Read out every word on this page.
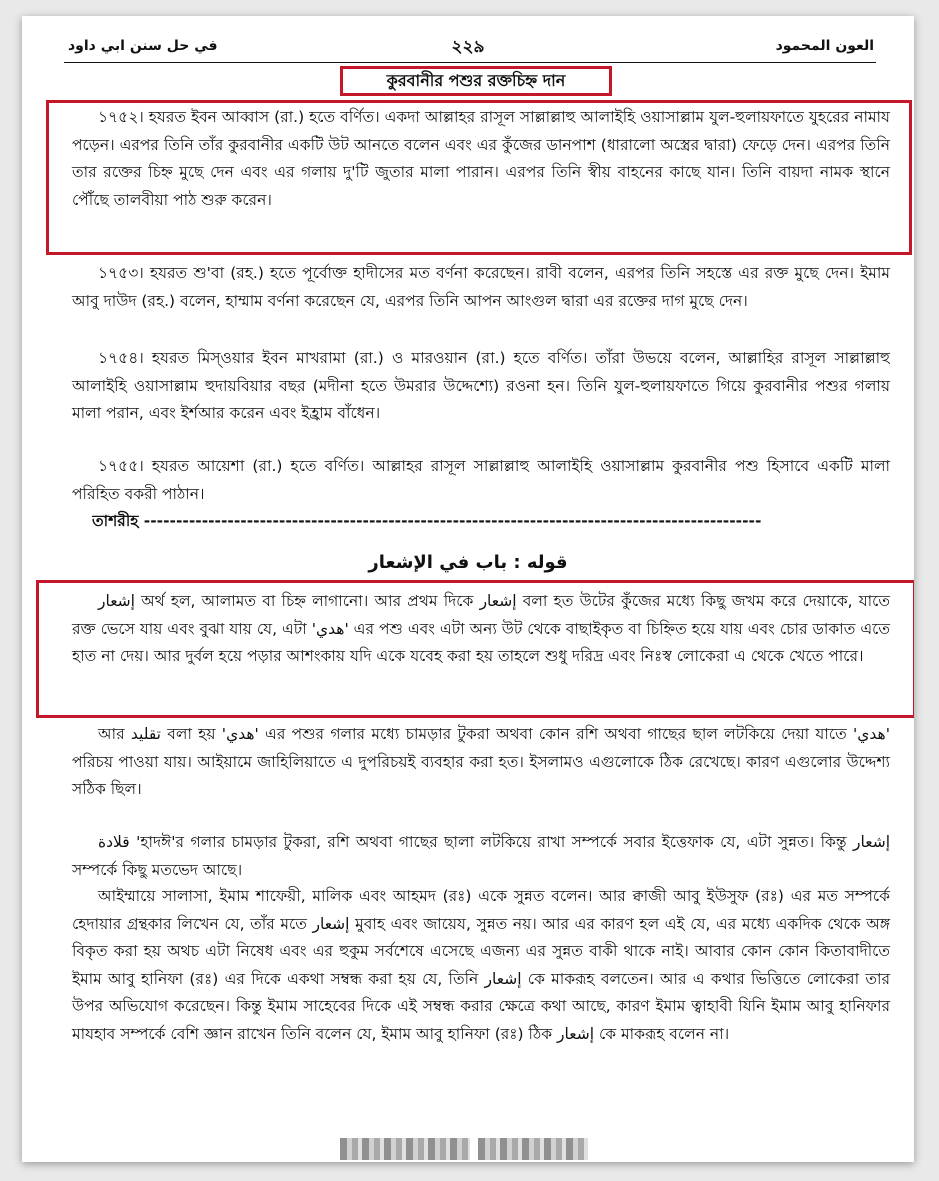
في حل سنن ابي داود	২২৯	العون المحمود
কুরবানীর পশুর রক্তচিহ্ন দান

১৭৫২। হযরত ইবন আব্বাস (রা.) হতে বর্ণিত। একদা আল্লাহর রাসূল সাল্লাল্লাহু আলাইহি ওয়াসাল্লাম যুল-হুলায়ফাতে যুহরের নামায পড়েন। এরপর তিনি তাঁর কুরবানীর একটি উট আনতে বলেন এবং এর কুঁজের ডানপাশ (ধারালো অস্ত্রের দ্বারা) ফেড়ে দেন। এরপর তিনি তার রক্তের চিহ্ন মুছে দেন এবং এর গলায় দু'টি জুতার মালা পারান। এরপর তিনি স্বীয় বাহনের কাছে যান। তিনি বায়দা নামক স্থানে পৌঁছে তালবীয়া পাঠ শুরু করেন।

১৭৫৩। হযরত শু'বা (রহ.) হতে পূর্বোক্ত হাদীসের মত বর্ণনা করেছেন। রাবী বলেন, এরপর তিনি সহস্তে এর রক্ত মুছে দেন। ইমাম আবু দাউদ (রহ.) বলেন, হাম্মাম বর্ণনা করেছেন যে, এরপর তিনি আপন আংগুল দ্বারা এর রক্তের দাগ মুছে দেন।

১৭৫৪। হযরত মিস্ওয়ার ইবন মাখরামা (রা.) ও মারওয়ান (রা.) হতে বর্ণিত। তাঁরা উভয়ে বলেন, আল্লাহির রাসূল সাল্লাল্লাহু আলাইহি ওয়াসাল্লাম হুদায়বিয়ার বছর (মদীনা হতে উমরার উদ্দেশ্যে) রওনা হন। তিনি যুল-হুলায়ফাতে গিয়ে কুরবানীর পশুর গলায় মালা পরান, এবং ইর্শআর করেন এবং ইহ্রাম বাঁধেন।

১৭৫৫। হযরত আয়েশা (রা.) হতে বর্ণিত। আল্লাহর রাসূল সাল্লাল্লাহু আলাইহি ওয়াসাল্লাম কুরবানীর পশু হিসাবে একটি মালা পরিহিত বকরী পাঠান।

তাশরীহ ------------------------------------------------------------------------------------------------
قوله : باب في الإشعار

إشعار অর্থ হল, আলামত বা চিহ্ন লাগানো। আর প্রথম দিকে إشعار বলা হত উটের কুঁজের মধ্যে কিছু জখম করে দেয়াকে, যাতে রক্ত ভেসে যায় এবং বুঝা যায় যে, এটা 'هدي' এর পশু এবং এটা অন্য উট থেকে বাছাইকৃত বা চিহ্নিত হয়ে যায় এবং চোর ডাকাত এতে হাত না দেয়। আর দুর্বল হয়ে পড়ার আশংকায় যদি একে যবেহ করা হয় তাহলে শুধু দরিদ্র এবং নিঃস্ব লোকেরা এ থেকে খেতে পারে।

আর تقليد বলা হয় 'هدي' এর পশুর গলার মধ্যে চামড়ার টুকরা অথবা কোন রশি অথবা গাছের ছাল লটকিয়ে দেয়া যাতে 'هدي' পরিচয় পাওয়া যায়। আইয়ামে জাহিলিয়াতে এ দুপরিচয়ই ব্যবহার করা হত। ইসলামও এগুলোকে ঠিক রেখেছে। কারণ এগুলোর উদ্দেশ্য সঠিক ছিল।

قلادة 'হাদঈ'র গলার চামড়ার টুকরা, রশি অথবা গাছের ছালা লটকিয়ে রাখা সম্পর্কে সবার ইত্তেফাক যে, এটা সুন্নত। কিন্তু إشعار সম্পর্কে কিছু মতভেদ আছে।

আইম্মায়ে সালাসা, ইমাম শাফেয়ী, মালিক এবং আহমদ (রঃ) একে সুন্নত বলেন। আর ক্বাজী আবু ইউসুফ (রঃ) এর মত সম্পর্কে হেদায়ার গ্রন্থকার লিখেন যে, তাঁর মতে إشعار মুবাহ এবং জায়েয, সুন্নত নয়। আর এর কারণ হল এই যে, এর মধ্যে একদিক থেকে অঙ্গ বিকৃত করা হয় অথচ এটা নিষেধ এবং এর হুকুম সর্বশেষে এসেছে এজন্য এর সুন্নত বাকী থাকে নাই। আবার কোন কোন কিতাবাদীতে ইমাম আবু হানিফা (রঃ) এর দিকে একথা সম্বন্ধ করা হয় যে, তিনি إشعار কে মাকরূহ বলতেন। আর এ কথার ভিত্তিতে লোকেরা তার উপর অভিযোগ করেছেন। কিন্তু ইমাম সাহেবের দিকে এই সম্বন্ধ করার ক্ষেত্রে কথা আছে, কারণ ইমাম ত্বাহাবী যিনি ইমাম আবু হানিফার মাযহাব সম্পর্কে বেশি জ্ঞান রাখেন তিনি বলেন যে, ইমাম আবু হানিফা (রঃ) ঠিক إشعار কে মাকরূহ বলেন না।
